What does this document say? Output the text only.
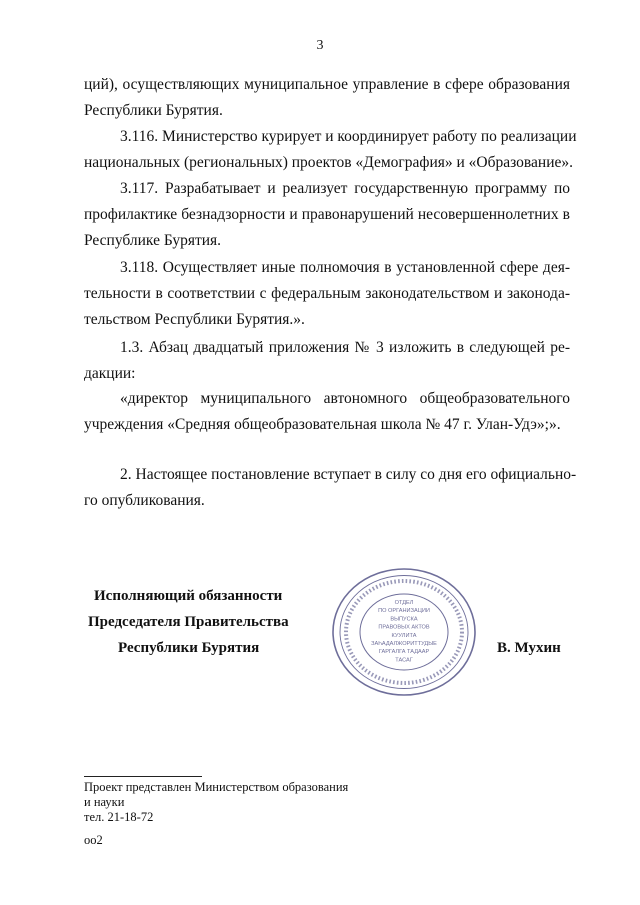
3

ций), осуществляющих муниципальное управление в сфере образования
Республики Бурятия.

3.116. Министерство курирует и координирует работу по реализации
национальных (региональных) проектов «Демография» и «Образование».

3.117. Разрабатывает и реализует государственную программу по
профилактике безнадзорности и правонарушений несовершеннолетних в
Республике Бурятия.

3.118. Осуществляет иные полномочия в установленной сфере дея-
тельности в соответствии с федеральным законодательством и законода-
тельством Республики Бурятия.».

1.3. Абзац двадцатый приложения № 3 изложить в следующей ре-
дакции:

«директор муниципального автономного общеобразовательного
учреждения «Средняя общеобразовательная школа № 47 г. Улан-Удэ»;».

2. Настоящее постановление вступает в силу со дня его официально-
го опубликования.

Исполняющий обязанности
Председателя Правительства
Республики Бурятия	В. Мухин
ОТДЕЛ
ПО ОРГАНИЗАЦИИ
ВЫПУСКА
ПРАВОВЫХ АКТОВ
КУУЛИТА
ЗАҺАДАЛЖОРИТТУДЫЕ
ГАРГАЛГА ТАДААР
ТАСАГ
Проект представлен Министерством образования
и науки
тел. 21-18-72
оо2
